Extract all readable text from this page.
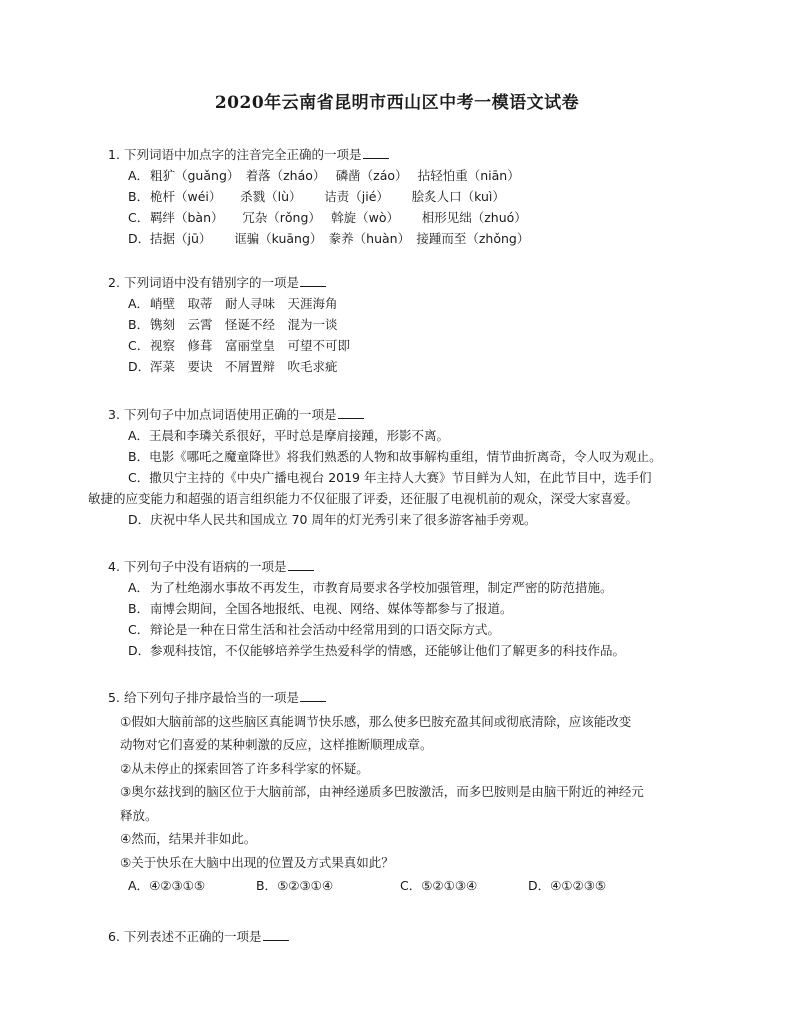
2020年云南省昆明市西山区中考一模语文试卷
1. 下列词语中加点字的注音完全正确的一项是
A．粗犷（guǎng）　着落（zháo）　 磷凿（záo）　 拈轻怕重（niān）
B．桅杆（wéi）　　杀戮（lù）　　 诘责（jié）　　 脍炙人口（kuì）
C．羁绊（bàn）　　冗杂（rǒng）　 斡旋（wò）　　 相形见绌（zhuó）
D．拮据（jū）　　 诓骗（kuāng）　豢养（huàn）　接踵而至（zhǒng）
2. 下列词语中没有错别字的一项是
A．峭壁　取蒂　耐人寻味　天涯海角
B．镌刻　云霄　怪诞不经　混为一谈
C．视察　修葺　富丽堂皇　可望不可即
D．浑菜　要诀　不屑置辩　吹毛求疵
3. 下列句子中加点词语使用正确的一项是
A．王晨和李璘关系很好，平时总是摩肩接踵，形影不离。
B．电影《哪吒之魔童降世》将我们熟悉的人物和故事解构重组，情节曲折离奇，令人叹为观止。
C．撒贝宁主持的《中央广播电视台 2019 年主持人大赛》节目鲜为人知，在此节目中，选手们
敏捷的应变能力和超强的语言组织能力不仅征服了评委，还征服了电视机前的观众，深受大家喜爱。
D．庆祝中华人民共和国成立 70 周年的灯光秀引来了很多游客袖手旁观。
4. 下列句子中没有语病的一项是
A．为了杜绝溺水事故不再发生，市教育局要求各学校加强管理，制定严密的防范措施。
B．南博会期间，全国各地报纸、电视、网络、媒体等都参与了报道。
C．辩论是一种在日常生活和社会活动中经常用到的口语交际方式。
D．参观科技馆，不仅能够培养学生热爱科学的情感，还能够让他们了解更多的科技作品。
5. 给下列句子排序最恰当的一项是
①假如大脑前部的这些脑区真能调节快乐感，那么使多巴胺充盈其间或彻底清除，应该能改变
动物对它们喜爱的某种刺激的反应，这样推断顺理成章。
②从未停止的探索回答了许多科学家的怀疑。
③奥尔兹找到的脑区位于大脑前部，由神经递质多巴胺激活，而多巴胺则是由脑干附近的神经元
释放。
④然而，结果并非如此。
⑤关于快乐在大脑中出现的位置及方式果真如此？
A．④②③①⑤	B．⑤②③①④	C．⑤②①③④	D．④①②③⑤
6. 下列表述不正确的一项是
